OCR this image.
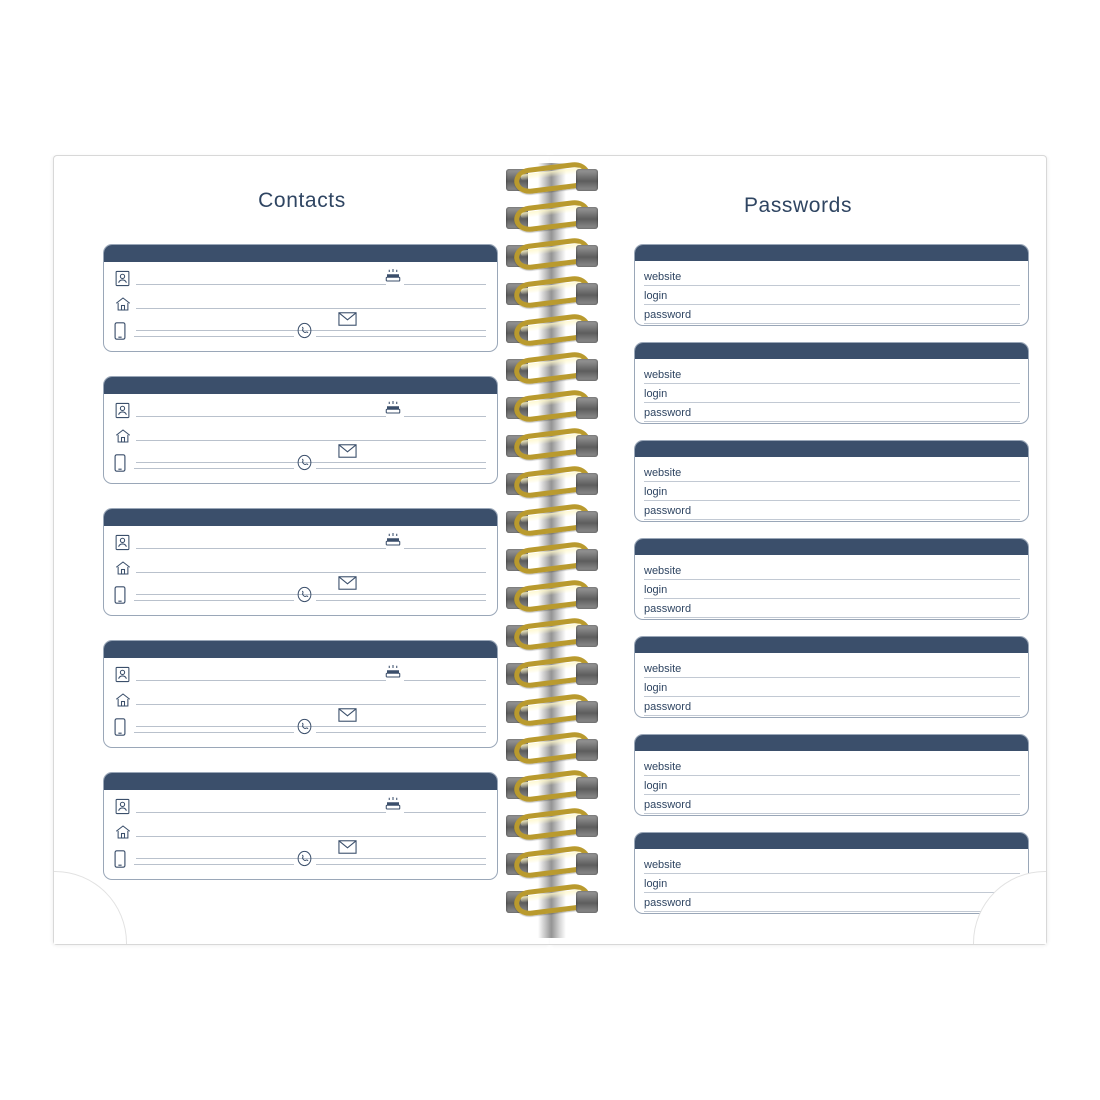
Contacts	Passwords
website
login
password
website
login
password
website
login
password
website
login
password
website
login
password
website
login
password
website
login
password
